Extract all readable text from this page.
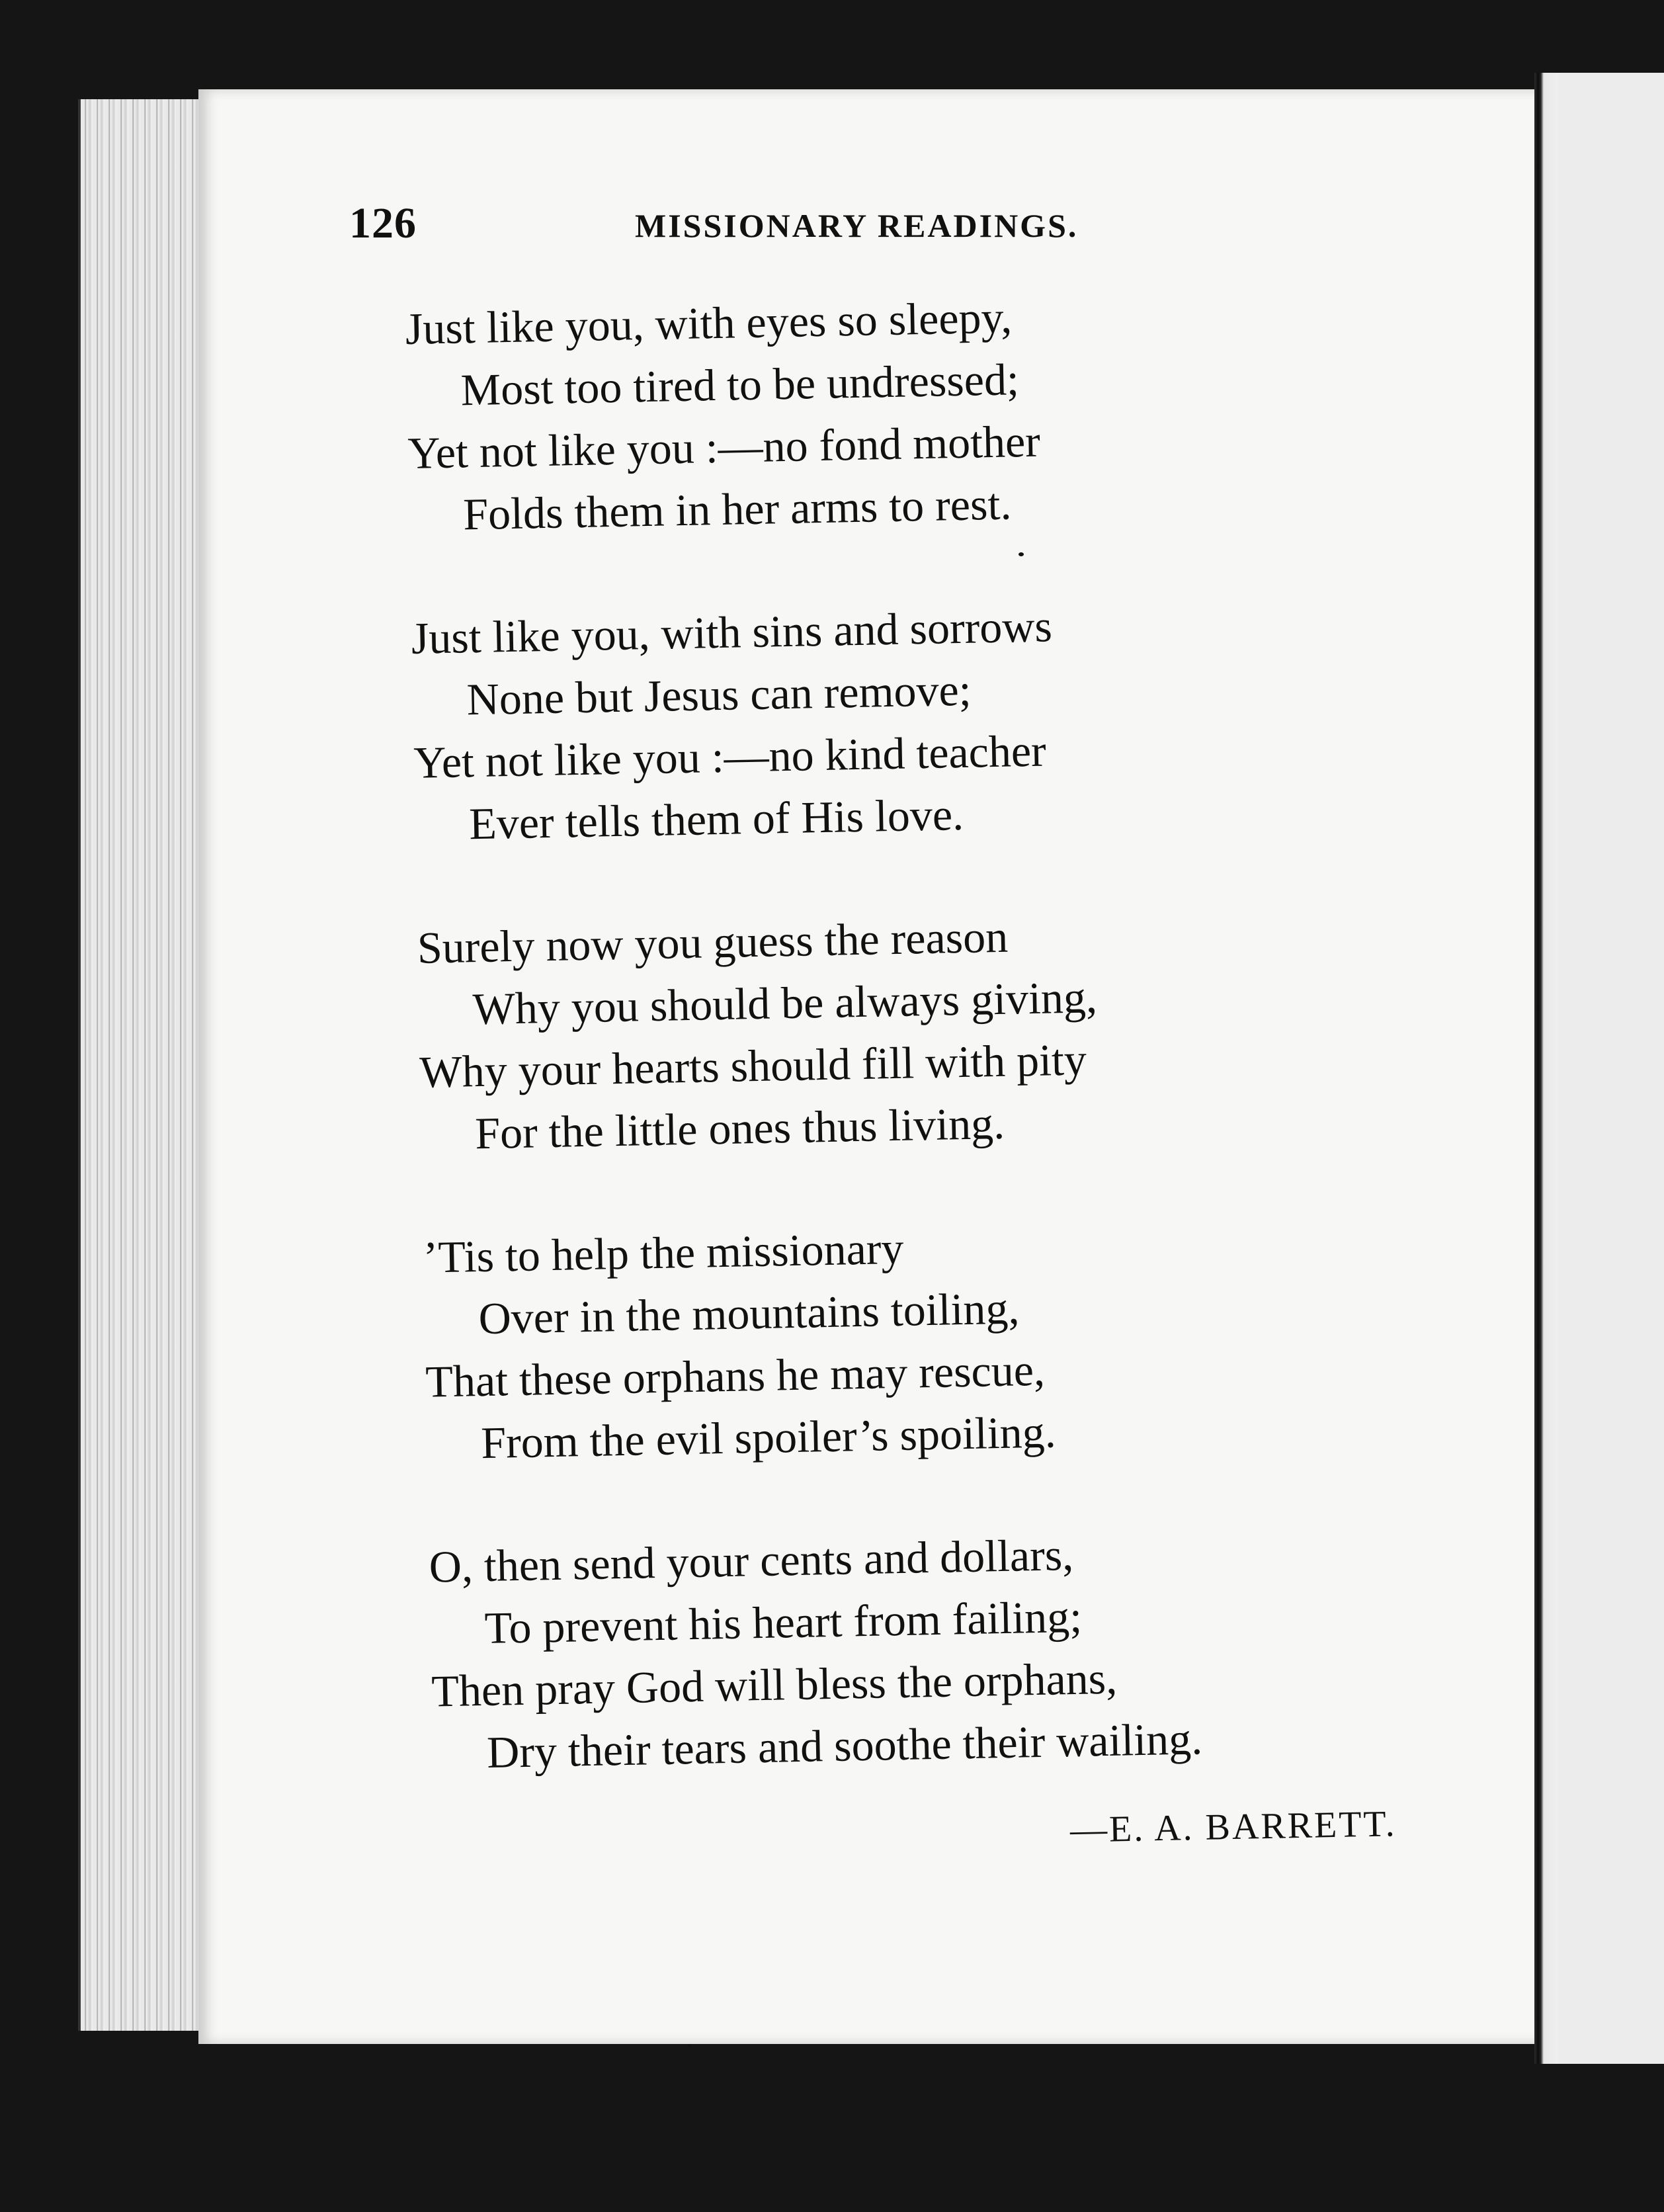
126	MISSIONARY READINGS.
Just like you, with eyes so sleepy,
Most too tired to be undressed;
Yet not like you :—no fond mother
Folds them in her arms to rest.
Just like you, with sins and sorrows
None but Jesus can remove;
Yet not like you :—no kind teacher
Ever tells them of His love.
Surely now you guess the reason
Why you should be always giving,
Why your hearts should fill with pity
For the little ones thus living.
’Tis to help the missionary
Over in the mountains toiling,
That these orphans he may rescue,
From the evil spoiler’s spoiling.
O, then send your cents and dollars,
To prevent his heart from failing;
Then pray God will bless the orphans,
Dry their tears and soothe their wailing.
—E. A. BARRETT.
